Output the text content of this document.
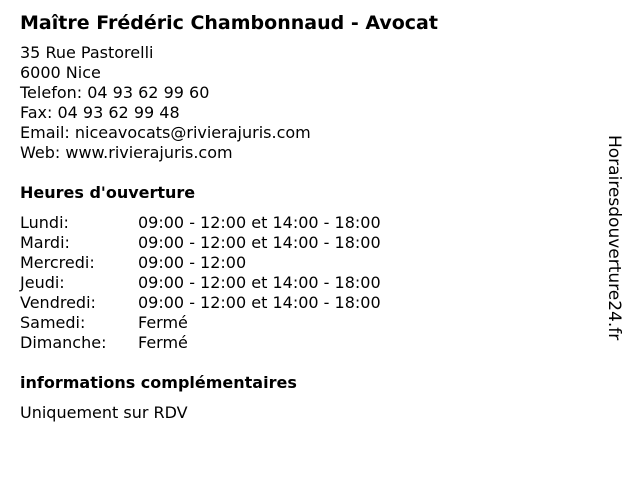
Maître Frédéric Chambonnaud - Avocat
35 Rue Pastorelli
6000 Nice
Telefon: 04 93 62 99 60
Fax: 04 93 62 99 48
Email: niceavocats@rivierajuris.com
Web: www.rivierajuris.com
Heures d'ouverture
Lundi:	09:00 - 12:00 et 14:00 - 18:00
Mardi:	09:00 - 12:00 et 14:00 - 18:00
Mercredi:	09:00 - 12:00
Jeudi:	09:00 - 12:00 et 14:00 - 18:00
Vendredi:	09:00 - 12:00 et 14:00 - 18:00
Samedi:	Fermé
Dimanche:	Fermé
informations complémentaires
Uniquement sur RDV
Horairesdouverture24.fr
